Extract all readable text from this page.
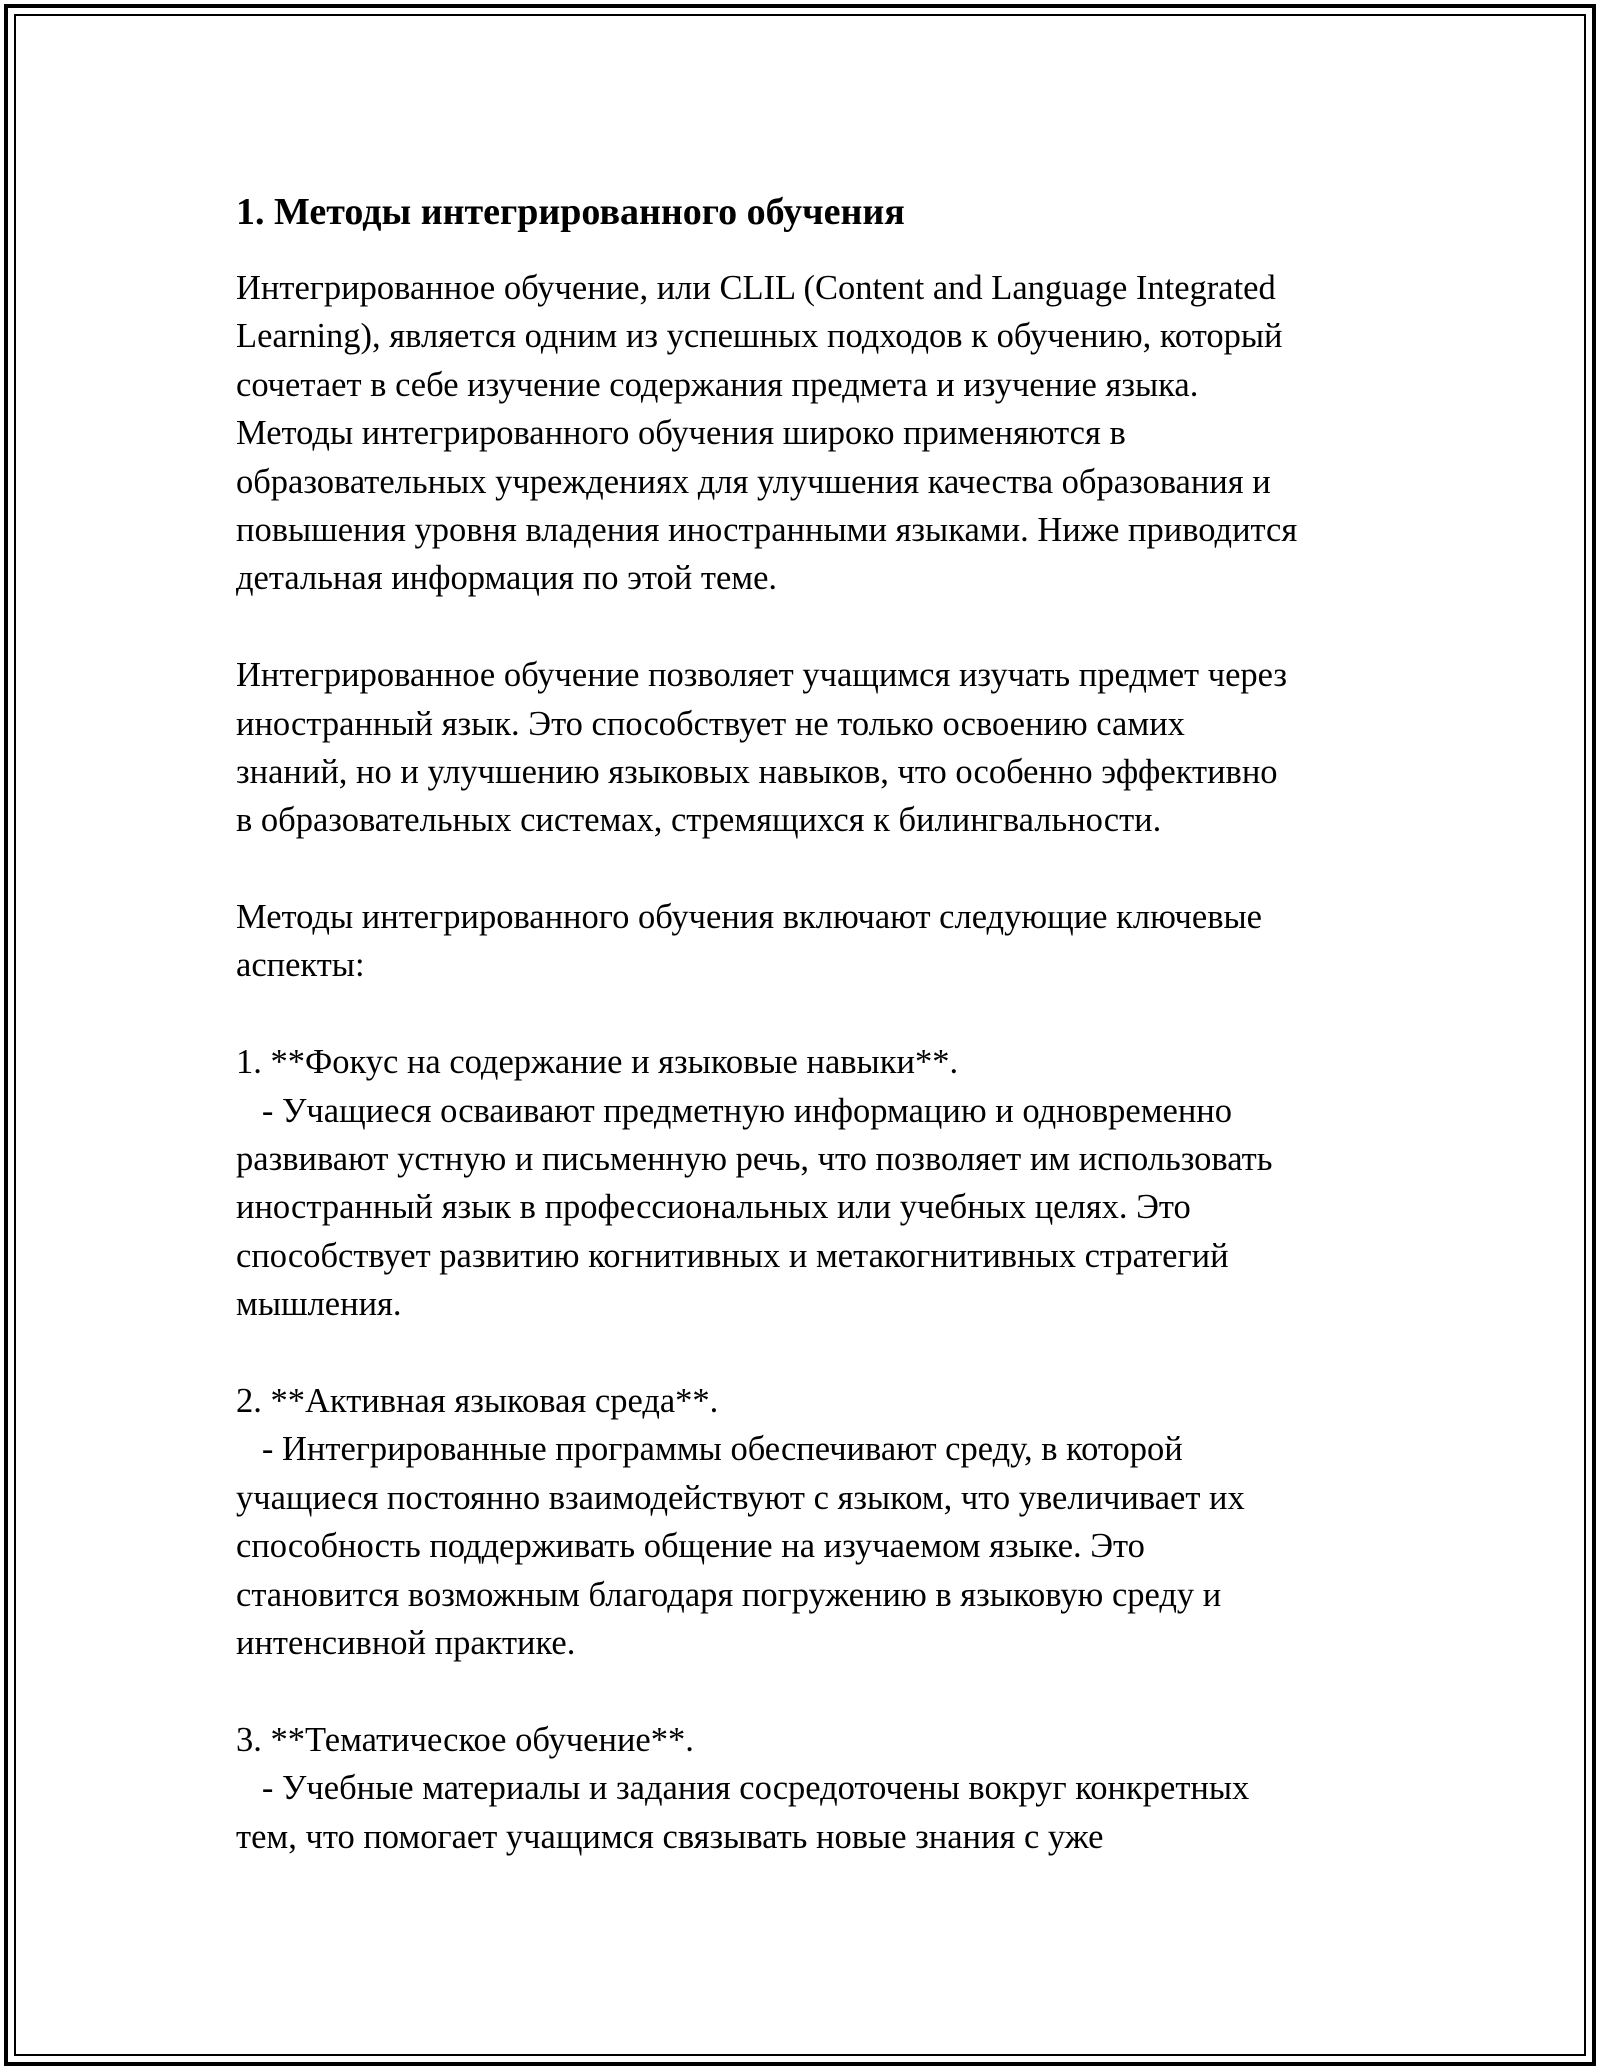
1. Методы интегрированного обучения
Интегрированное обучение, или CLIL (Content and Language Integrated
Learning), является одним из успешных подходов к обучению, который
сочетает в себе изучение содержания предмета и изучение языка.
Методы интегрированного обучения широко применяются в
образовательных учреждениях для улучшения качества образования и
повышения уровня владения иностранными языками. Ниже приводится
детальная информация по этой теме.
Интегрированное обучение позволяет учащимся изучать предмет через
иностранный язык. Это способствует не только освоению самих
знаний, но и улучшению языковых навыков, что особенно эффективно
в образовательных системах, стремящихся к билингвальности.
Методы интегрированного обучения включают следующие ключевые
аспекты:
1. **Фокус на содержание и языковые навыки**.
- Учащиеся осваивают предметную информацию и одновременно
развивают устную и письменную речь, что позволяет им использовать
иностранный язык в профессиональных или учебных целях. Это
способствует развитию когнитивных и метакогнитивных стратегий
мышления.
2. **Активная языковая среда**.
- Интегрированные программы обеспечивают среду, в которой
учащиеся постоянно взаимодействуют с языком, что увеличивает их
способность поддерживать общение на изучаемом языке. Это
становится возможным благодаря погружению в языковую среду и
интенсивной практике.
3. **Тематическое обучение**.
- Учебные материалы и задания сосредоточены вокруг конкретных
тем, что помогает учащимся связывать новые знания с уже
